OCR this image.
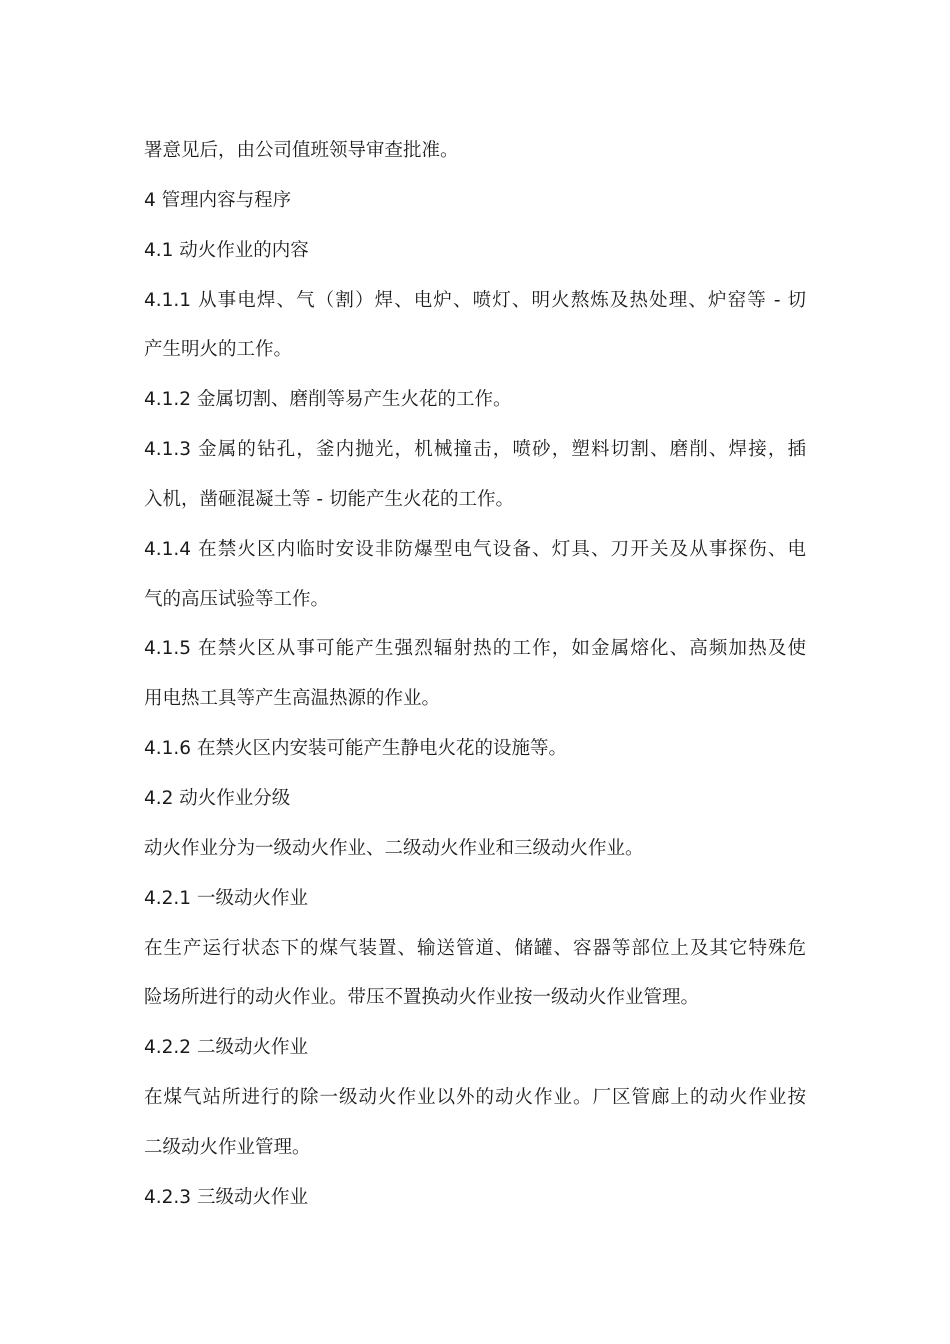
署意见后，由公司值班领导审查批准。
4 管理内容与程序
4.1 动火作业的内容
4.1.1 从事电焊、气（割）焊、电炉、喷灯、明火熬炼及热处理、炉窑等 - 切
产生明火的工作。
4.1.2 金属切割、磨削等易产生火花的工作。
4.1.3 金属的钻孔，釜内抛光，机械撞击，喷砂，塑料切割、磨削、焊接，插
入机，凿砸混凝土等 - 切能产生火花的工作。
4.1.4 在禁火区内临时安设非防爆型电气设备、灯具、刀开关及从事探伤、电
气的高压试验等工作。
4.1.5 在禁火区从事可能产生强烈辐射热的工作，如金属熔化、高频加热及使
用电热工具等产生高温热源的作业。
4.1.6 在禁火区内安装可能产生静电火花的设施等。
4.2 动火作业分级
动火作业分为一级动火作业、二级动火作业和三级动火作业。
4.2.1 一级动火作业
在生产运行状态下的煤气装置、输送管道、储罐、容器等部位上及其它特殊危
险场所进行的动火作业。带压不置换动火作业按一级动火作业管理。
4.2.2 二级动火作业
在煤气站所进行的除一级动火作业以外的动火作业。厂区管廊上的动火作业按
二级动火作业管理。
4.2.3 三级动火作业
